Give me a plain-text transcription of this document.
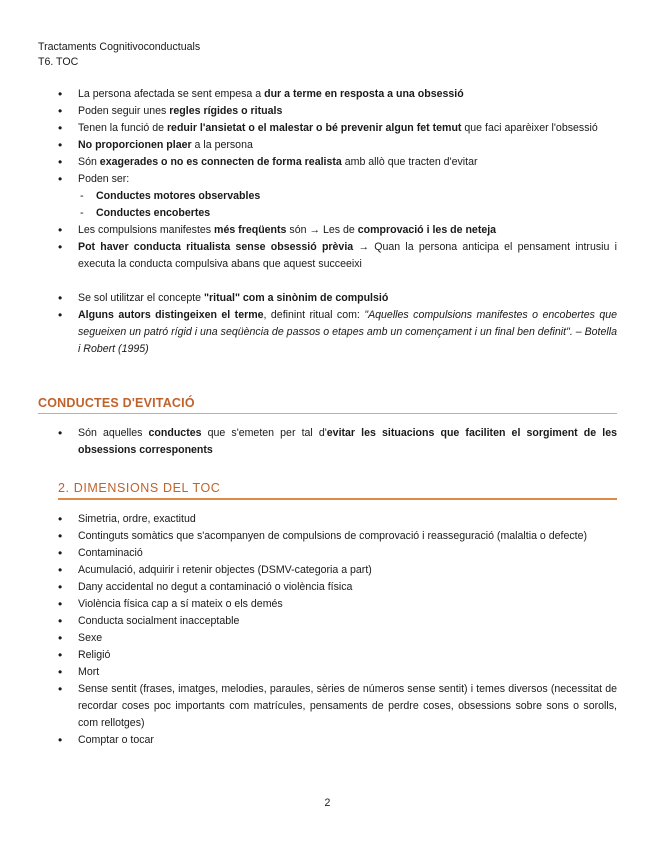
Tractaments Cognitivoconductuals
T6. TOC
• La persona afectada se sent empesa a dur a terme en resposta a una obsessió
• Poden seguir unes regles rígides o rituals
• Tenen la funció de reduir l'ansietat o el malestar o bé prevenir algun fet temut que faci aparèixer l'obsessió
• No proporcionen plaer a la persona
• Són exagerades o no es connecten de forma realista amb allò que tracten d'evitar
• Poden ser:
- Conductes motores observables
- Conductes encobertes
• Les compulsions manifestes més freqüents són → Les de comprovació i les de neteja
• Pot haver conducta ritualista sense obsessió prèvia → Quan la persona anticipa el pensament intrusiu i executa la conducta compulsiva abans que aquest succeeixi
• Se sol utilitzar el concepte "ritual" com a sinònim de compulsió
• Alguns autors distingeixen el terme, definint ritual com: "Aquelles compulsions manifestes o encobertes que segueixen un patró rígid i una seqüència de passos o etapes amb un començament i un final ben definit". – Botella i Robert (1995)
CONDUCTES D'EVITACIÓ
• Són aquelles conductes que s'emeten per tal d'evitar les situacions que faciliten el sorgiment de les obsessions corresponents
2. DIMENSIONS DEL TOC
• Simetria, ordre, exactitud
• Continguts somàtics que s'acompanyen de compulsions de comprovació i reasseguració (malaltia o defecte)
• Contaminació
• Acumulació, adquirir i retenir objectes (DSMV-categoria a part)
• Dany accidental no degut a contaminació o violència física
• Violència física cap a sí mateix o els demés
• Conducta socialment inacceptable
• Sexe
• Religió
• Mort
• Sense sentit (frases, imatges, melodies, paraules, sèries de números sense sentit) i temes diversos (necessitat de recordar coses poc importants com matrícules, pensaments de perdre coses, obsessions sobre sons o sorolls, com rellotges)
• Comptar o tocar
2
